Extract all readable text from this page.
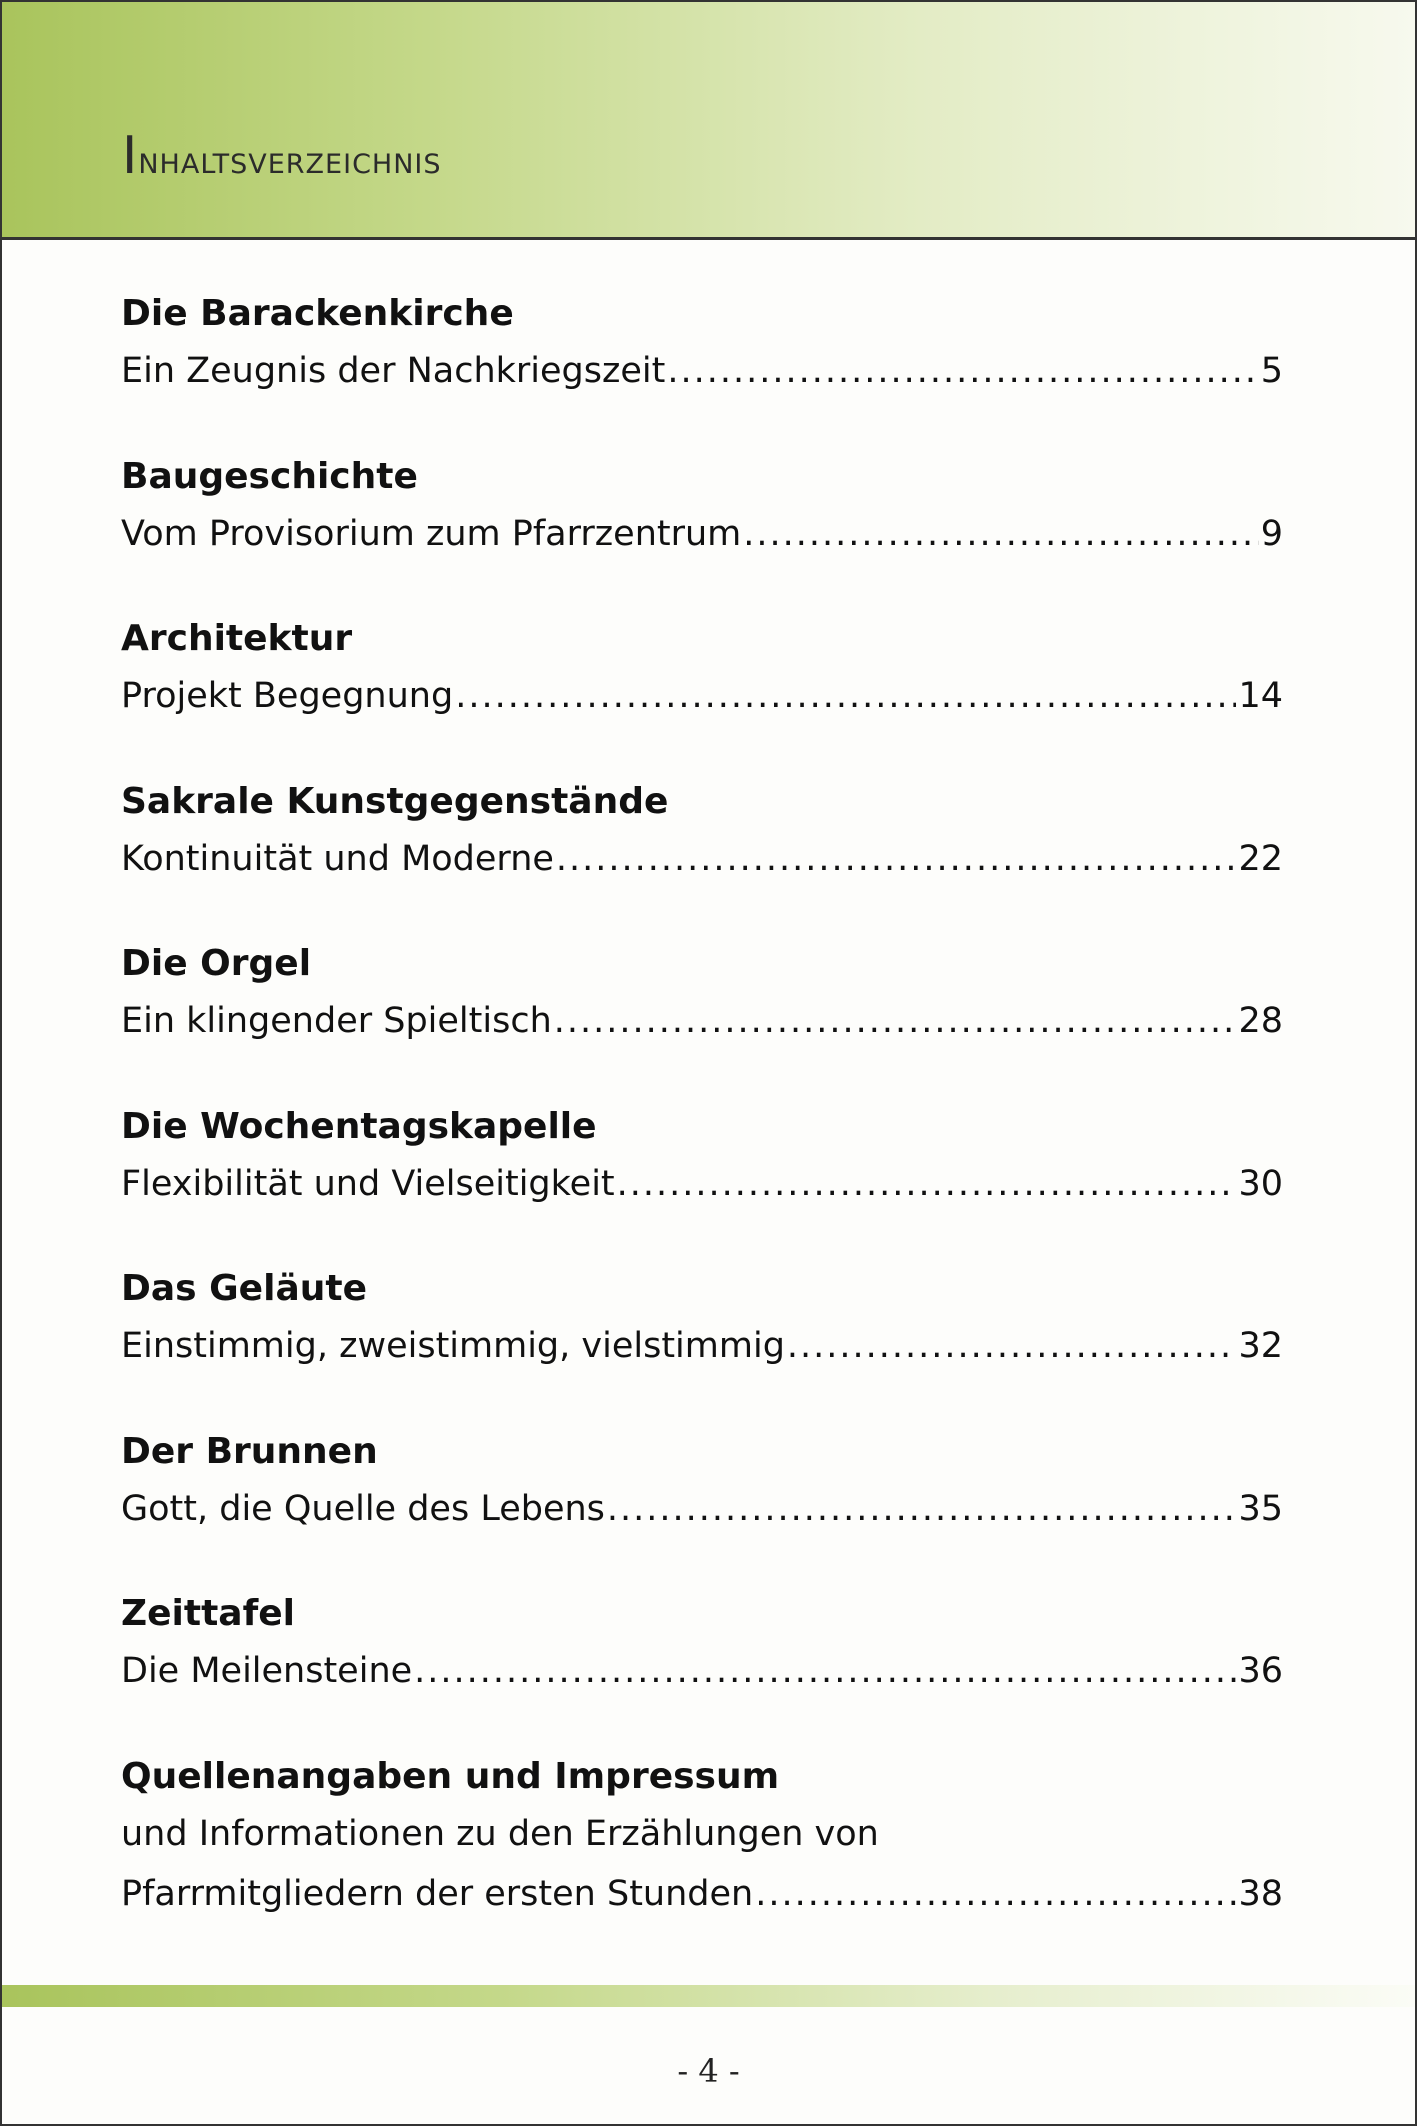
Inhaltsverzeichnis
Die Barackenkirche
Ein Zeugnis der Nachkriegszeit .....	5
Baugeschichte
Vom Provisorium zum Pfarrzentrum .....	9
Architektur
Projekt Begegnung .....	14
Sakrale Kunstgegenstände
Kontinuität und Moderne .....	22
Die Orgel
Ein klingender Spieltisch .....	28
Die Wochentagskapelle
Flexibilität und Vielseitigkeit .....	30
Das Geläute
Einstimmig, zweistimmig, vielstimmig .....	32
Der Brunnen
Gott, die Quelle des Lebens .....	35
Zeittafel
Die Meilensteine .....	36
Quellenangaben und Impressum
und Informationen zu den Erzählungen von
Pfarrmitgliedern der ersten Stunden .....	38
- 4 -
